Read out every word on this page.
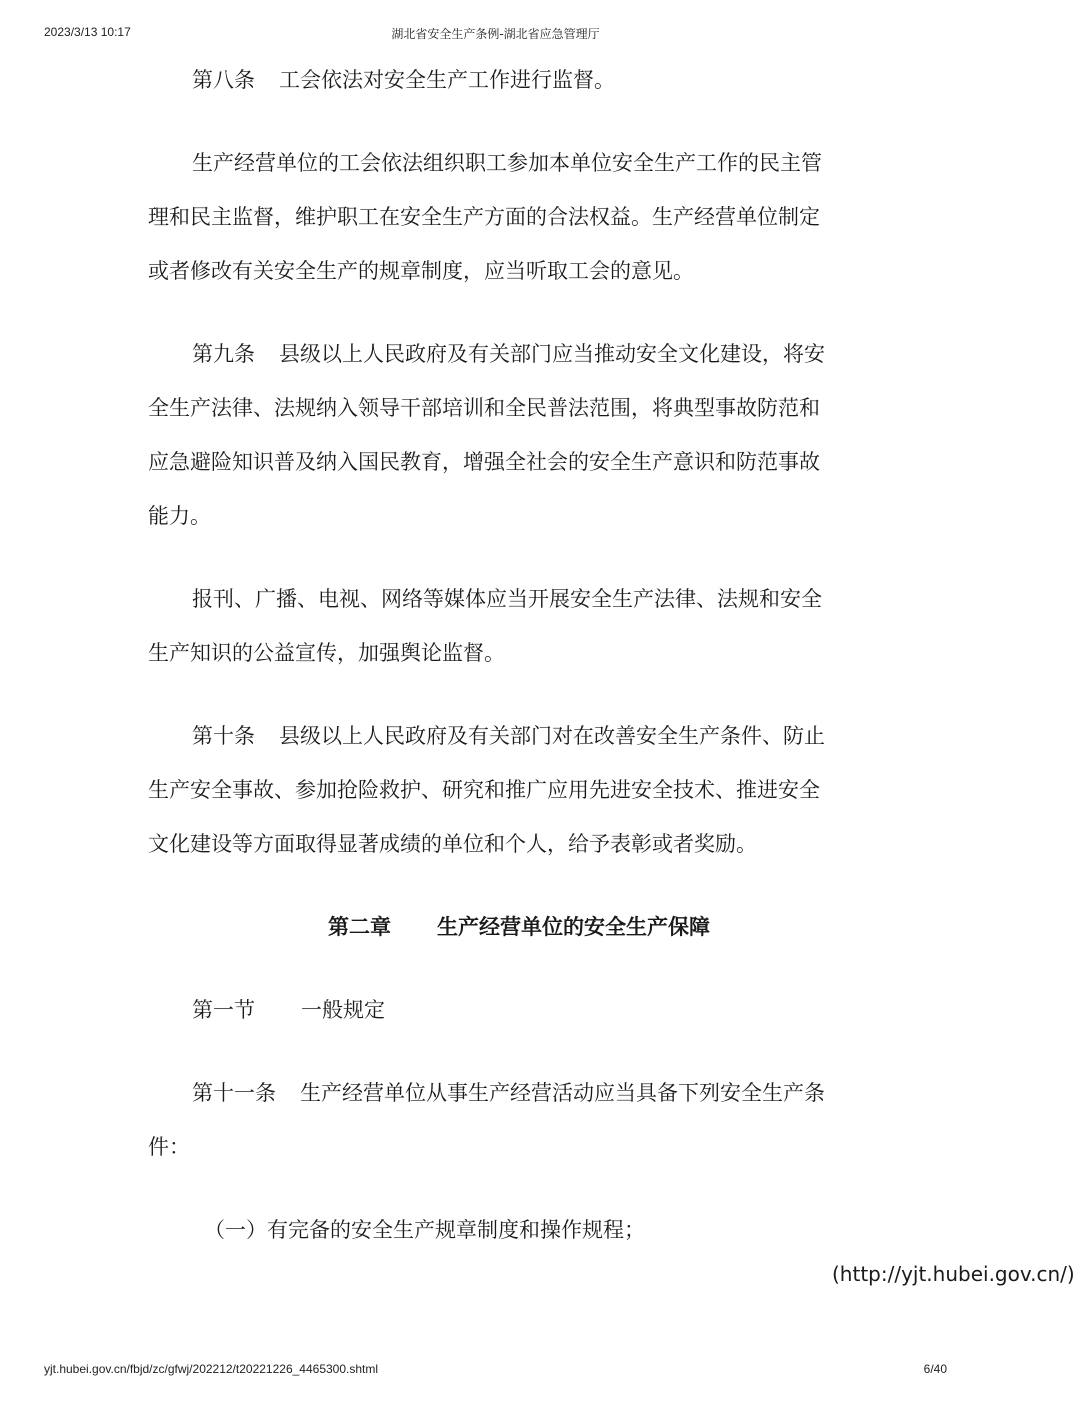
2023/3/13 10:17	湖北省安全生产条例-湖北省应急管理厅

第八条 工会依法对安全生产工作进行监督。

生产经营单位的工会依法组织职工参加本单位安全生产工作的民主管理和民主监督，维护职工在安全生产方面的合法权益。生产经营单位制定或者修改有关安全生产的规章制度，应当听取工会的意见。

第九条 县级以上人民政府及有关部门应当推动安全文化建设，将安全生产法律、法规纳入领导干部培训和全民普法范围，将典型事故防范和应急避险知识普及纳入国民教育，增强全社会的安全生产意识和防范事故能力。

报刊、广播、电视、网络等媒体应当开展安全生产法律、法规和安全生产知识的公益宣传，加强舆论监督。

第十条 县级以上人民政府及有关部门对在改善安全生产条件、防止生产安全事故、参加抢险救护、研究和推广应用先进安全技术、推进安全文化建设等方面取得显著成绩的单位和个人，给予表彰或者奖励。

第二章 生产经营单位的安全生产保障

第一节 一般规定

第十一条 生产经营单位从事生产经营活动应当具备下列安全生产条件：

（一）有完备的安全生产规章制度和操作规程；

(http://yjt.hubei.gov.cn/)
yjt.hubei.gov.cn/fbjd/zc/gfwj/202212/t20221226_4465300.shtml	6/40
